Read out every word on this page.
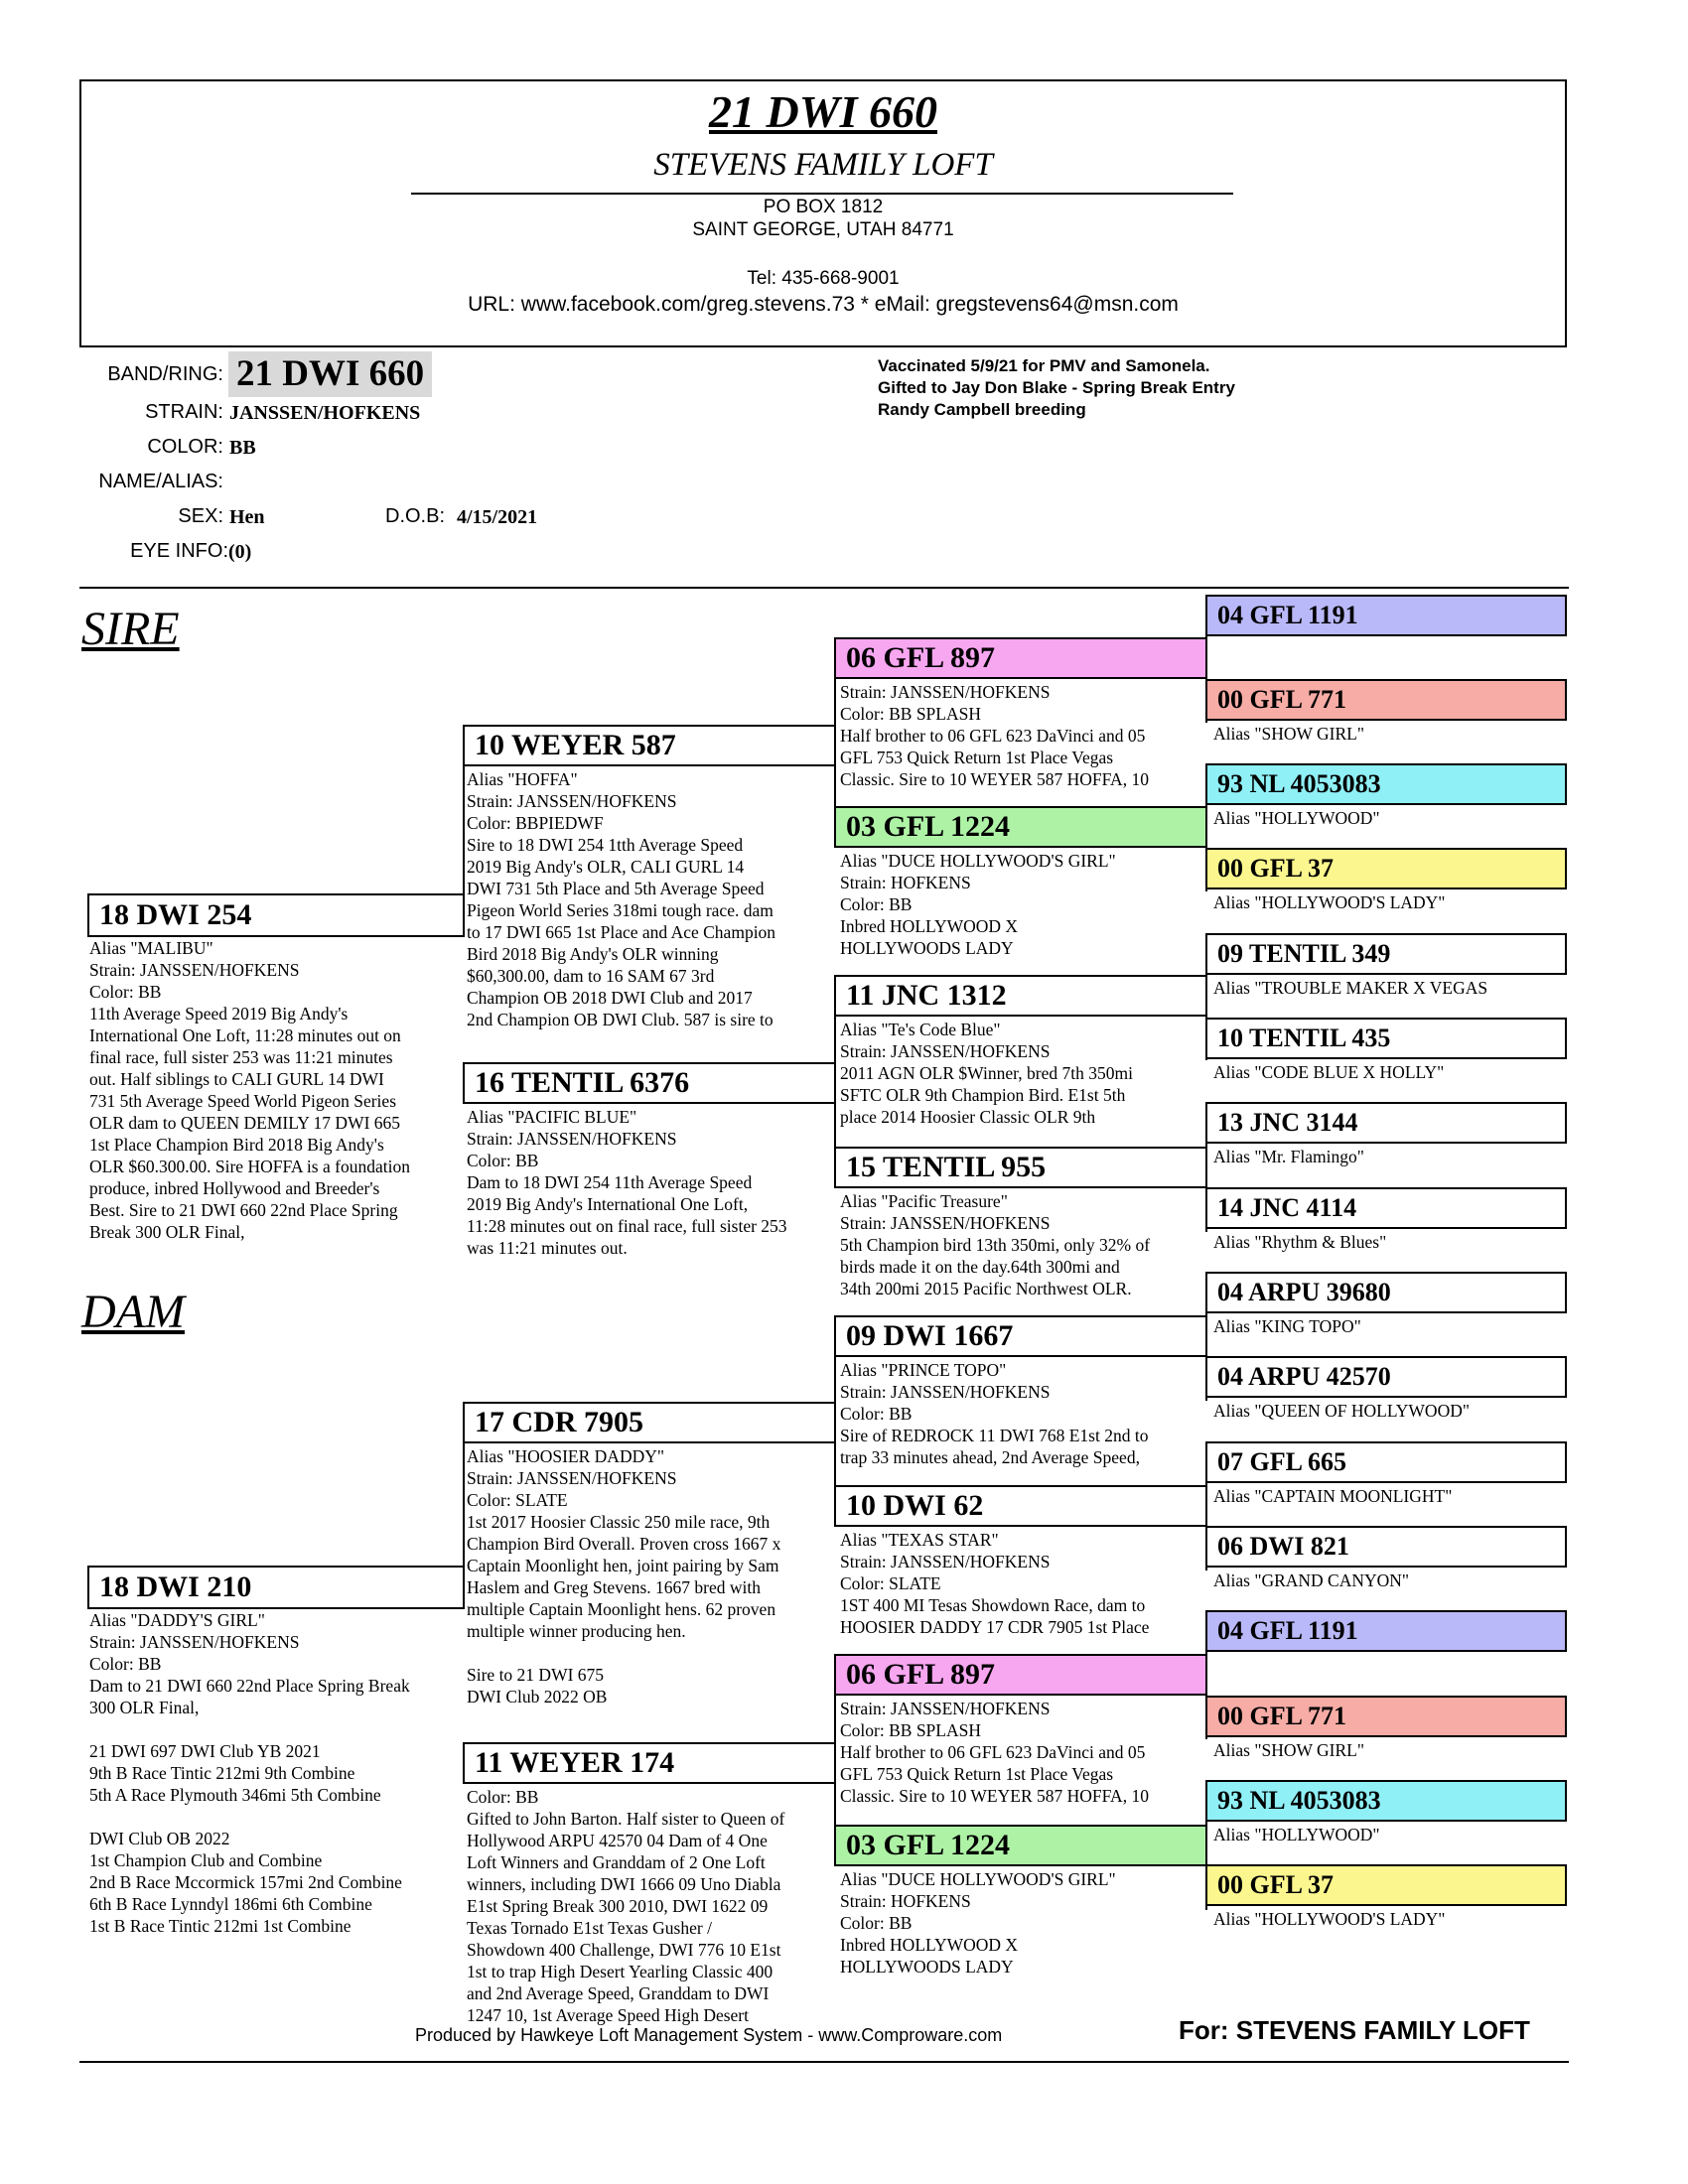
21 DWI 660
STEVENS FAMILY LOFT
PO BOX 1812
SAINT GEORGE, UTAH 84771
Tel: 435-668-9001
URL: www.facebook.com/greg.stevens.73 * eMail: gregstevens64@msn.com
BAND/RING: 21 DWI 660
STRAIN: JANSSEN/HOFKENS
COLOR: BB
NAME/ALIAS:
SEX: Hen	D.O.B: 4/15/2021
EYE INFO: (0)
Vaccinated 5/9/21 for PMV and Samonela.
Gifted to Jay Don Blake - Spring Break Entry
Randy Campbell breeding
SIRE
DAM
18 DWI 254
Alias "MALIBU"
Strain: JANSSEN/HOFKENS
Color: BB
11th Average Speed 2019 Big Andy's
International One Loft, 11:28 minutes out on
final race, full sister 253 was 11:21 minutes
out. Half siblings to CALI GURL 14 DWI
731 5th Average Speed World Pigeon Series
OLR dam to QUEEN DEMILY 17 DWI 665
1st Place Champion Bird 2018 Big Andy's
OLR $60.300.00. Sire HOFFA is a foundation
produce, inbred Hollywood and Breeder's
Best. Sire to 21 DWI 660 22nd Place Spring
Break 300 OLR Final,
18 DWI 210
Alias "DADDY'S GIRL"
Strain: JANSSEN/HOFKENS
Color: BB
Dam to 21 DWI 660 22nd Place Spring Break
300 OLR Final,

21 DWI 697 DWI Club YB 2021
9th B Race Tintic 212mi 9th Combine
5th A Race Plymouth 346mi 5th Combine

DWI Club OB 2022
1st Champion Club and Combine
2nd B Race Mccormick 157mi 2nd Combine
6th B Race Lynndyl 186mi 6th Combine
1st B Race Tintic 212mi 1st Combine
10 WEYER 587
Alias "HOFFA"
Strain: JANSSEN/HOFKENS
Color: BBPIEDWF
Sire to 18 DWI 254 1tth Average Speed
2019 Big Andy's OLR, CALI GURL 14
DWI 731 5th Place and 5th Average Speed
Pigeon World Series 318mi tough race. dam
to 17 DWI 665 1st Place and Ace Champion
Bird 2018 Big Andy's OLR winning
$60,300.00, dam to 16 SAM 67 3rd
Champion OB 2018 DWI Club and 2017
2nd Champion OB DWI Club. 587 is sire to
16 TENTIL 6376
Alias "PACIFIC BLUE"
Strain: JANSSEN/HOFKENS
Color: BB
Dam to 18 DWI 254 11th Average Speed
2019 Big Andy's International One Loft,
11:28 minutes out on final race, full sister 253
was 11:21 minutes out.
17 CDR 7905
Alias "HOOSIER DADDY"
Strain: JANSSEN/HOFKENS
Color: SLATE
1st 2017 Hoosier Classic 250 mile race, 9th
Champion Bird Overall. Proven cross 1667 x
Captain Moonlight hen, joint pairing by Sam
Haslem and Greg Stevens. 1667 bred with
multiple Captain Moonlight hens. 62 proven
multiple winner producing hen.

Sire to 21 DWI 675
DWI Club 2022 OB
11 WEYER 174
Color: BB
Gifted to John Barton. Half sister to Queen of
Hollywood ARPU 42570 04 Dam of 4 One
Loft Winners and Granddam of 2 One Loft
winners, including DWI 1666 09 Uno Diabla
E1st Spring Break 300 2010, DWI 1622 09
Texas Tornado E1st Texas Gusher /
Showdown 400 Challenge, DWI 776 10 E1st
1st to trap High Desert Yearling Classic 400
and 2nd Average Speed, Granddam to DWI
1247 10, 1st Average Speed High Desert
06 GFL 897
Strain: JANSSEN/HOFKENS
Color: BB SPLASH
Half brother to 06 GFL 623 DaVinci and 05
GFL 753 Quick Return 1st Place Vegas
Classic. Sire to 10 WEYER 587 HOFFA, 10
03 GFL 1224
Alias "DUCE HOLLYWOOD'S GIRL"
Strain: HOFKENS
Color: BB
Inbred HOLLYWOOD X
HOLLYWOODS LADY
11 JNC 1312
Alias "Te's Code Blue"
Strain: JANSSEN/HOFKENS
2011 AGN OLR $Winner, bred 7th 350mi
SFTC OLR 9th Champion Bird. E1st 5th
place 2014 Hoosier Classic OLR 9th
15 TENTIL 955
Alias "Pacific Treasure"
Strain: JANSSEN/HOFKENS
5th Champion bird 13th 350mi, only 32% of
birds made it on the day.64th 300mi and
34th 200mi 2015 Pacific Northwest OLR.
09 DWI 1667
Alias "PRINCE TOPO"
Strain: JANSSEN/HOFKENS
Color: BB
Sire of REDROCK 11 DWI 768 E1st 2nd to
trap 33 minutes ahead, 2nd Average Speed,
10 DWI 62
Alias "TEXAS STAR"
Strain: JANSSEN/HOFKENS
Color: SLATE
1ST 400 MI Tesas Showdown Race, dam to
HOOSIER DADDY 17 CDR 7905 1st Place
06 GFL 897
Strain: JANSSEN/HOFKENS
Color: BB SPLASH
Half brother to 06 GFL 623 DaVinci and 05
GFL 753 Quick Return 1st Place Vegas
Classic. Sire to 10 WEYER 587 HOFFA, 10
03 GFL 1224
Alias "DUCE HOLLYWOOD'S GIRL"
Strain: HOFKENS
Color: BB
Inbred HOLLYWOOD X
HOLLYWOODS LADY
04 GFL 1191
00 GFL 771
Alias "SHOW GIRL"
93 NL 4053083
Alias "HOLLYWOOD"
00 GFL 37
Alias "HOLLYWOOD'S LADY"
09 TENTIL 349
Alias "TROUBLE MAKER X VEGAS
10 TENTIL 435
Alias "CODE BLUE X HOLLY"
13 JNC 3144
Alias "Mr. Flamingo"
14 JNC 4114
Alias "Rhythm & Blues"
04 ARPU 39680
Alias "KING TOPO"
04 ARPU 42570
Alias "QUEEN OF HOLLYWOOD"
07 GFL 665
Alias "CAPTAIN MOONLIGHT"
06 DWI 821
Alias "GRAND CANYON"
04 GFL 1191
00 GFL 771
Alias "SHOW GIRL"
93 NL 4053083
Alias "HOLLYWOOD"
00 GFL 37
Alias "HOLLYWOOD'S LADY"
Produced by Hawkeye Loft Management System - www.Comproware.com	For: STEVENS FAMILY LOFT
